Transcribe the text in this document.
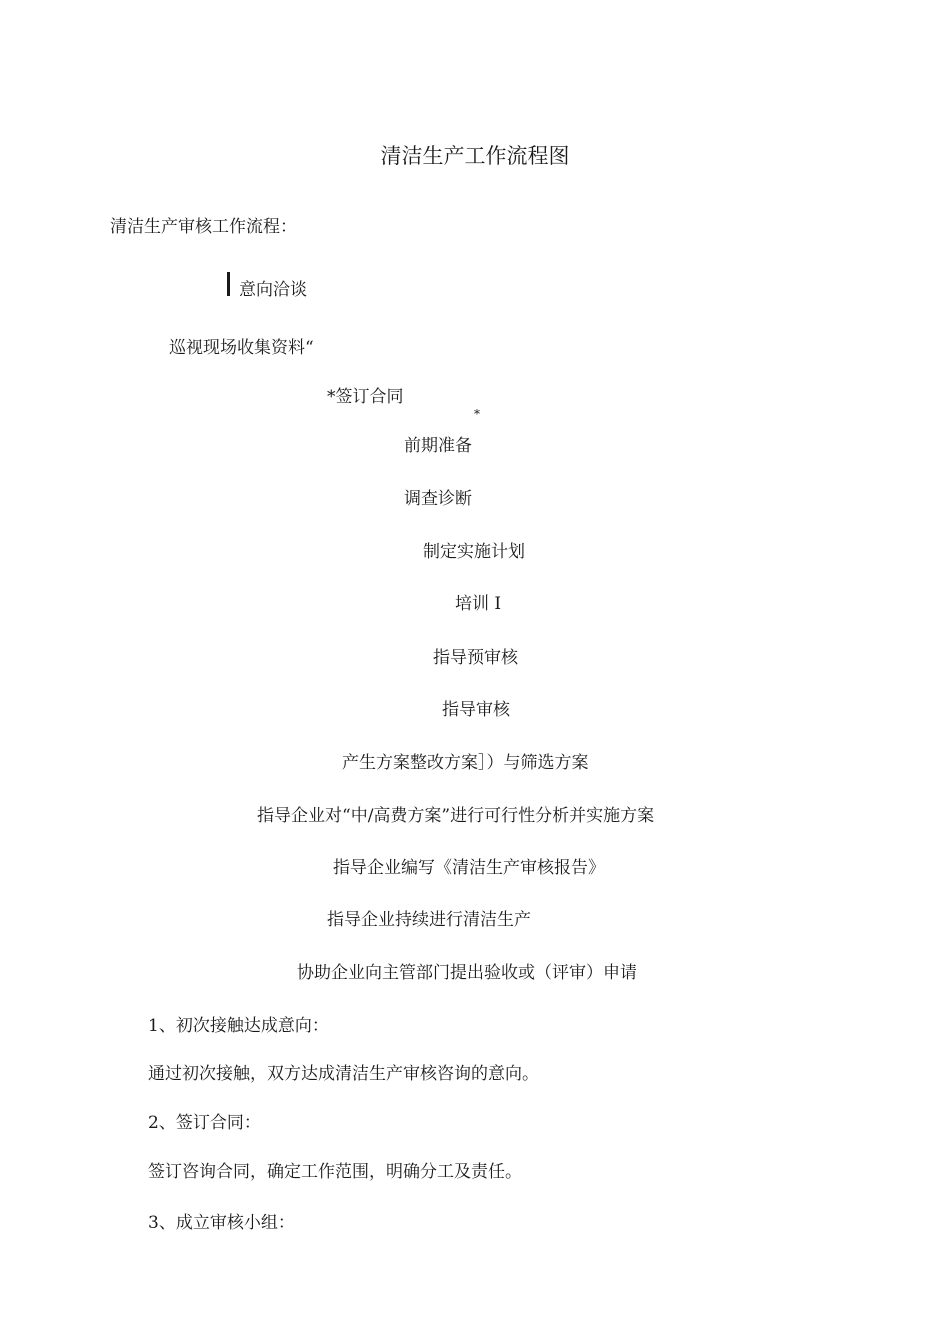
清洁生产工作流程图
清洁生产审核工作流程：
意向洽谈
巡视现场收集资料“
*签订合同
*
前期准备
调查诊断
制定实施计划
培训 I
指导预审核
指导审核
产生方案整改方案］）与筛选方案
指导企业对“中/高费方案”进行可行性分析并实施方案
指导企业编写《清洁生产审核报告》
指导企业持续进行清洁生产
协助企业向主管部门提出验收或（评审）申请
1、初次接触达成意向：
通过初次接触，双方达成清洁生产审核咨询的意向。
2、签订合同：
签订咨询合同，确定工作范围，明确分工及责任。
3、成立审核小组：
